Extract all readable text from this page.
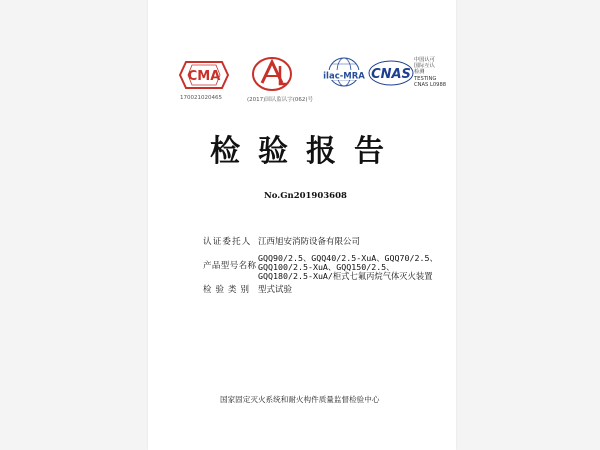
CMA
170021020465	(2017)国认监认字(062)号
ilac-MRA CNAS
中国认可
国际互认
检测
TESTING
CNAS L0988
检验报告
No.Gn201903608
认证委托人 江西旭安消防设备有限公司
产品型号名称
GQQ90/2.5、GQQ40/2.5-XuA、GQQ70/2.5、
GQQ100/2.5-XuA、GQQ150/2.5、
GQQ180/2.5-XuA/柜式七氟丙烷气体灭火装置
检验类别 型式试验
国家固定灭火系统和耐火构件质量监督检验中心
